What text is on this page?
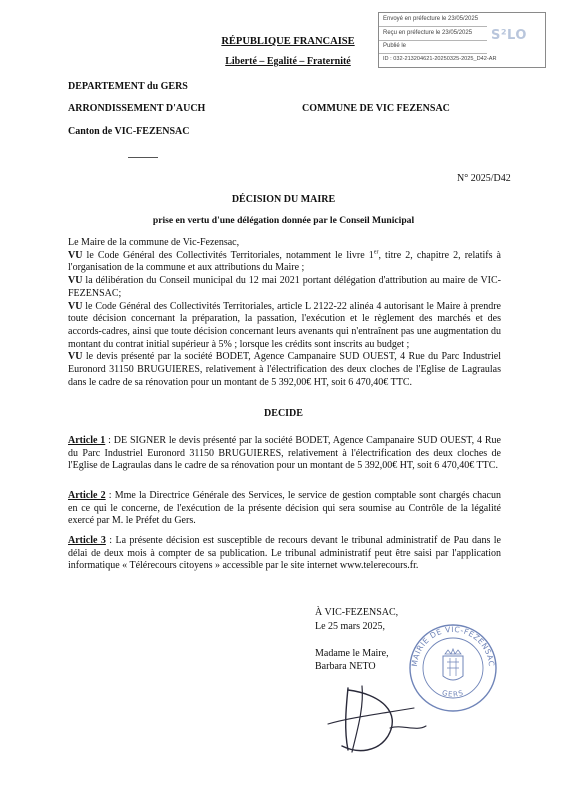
Envoyé en préfecture le 23/05/2025
Reçu en préfecture le 23/05/2025
Publié le
ID : 032-213204621-20250325-2025_D42-AR
S²LO
RÉPUBLIQUE FRANCAISE
Liberté – Egalité – Fraternité
DEPARTEMENT du GERS
ARRONDISSEMENT D'AUCH	COMMUNE DE VIC FEZENSAC
Canton de VIC-FEZENSAC
N° 2025/D42
DÉCISION DU MAIRE
prise en vertu d'une délégation donnée par le Conseil Municipal

Le Maire de la commune de Vic-Fezensac,

VU le Code Général des Collectivités Territoriales, notamment le livre 1er, titre 2, chapitre 2, relatifs à l'organisation de la commune et aux attributions du Maire ;

VU la délibération du Conseil municipal du 12 mai 2021 portant délégation d'attribution au maire de VIC-FEZENSAC;

VU le Code Général des Collectivités Territoriales, article L 2122-22 alinéa 4 autorisant le Maire à prendre toute décision concernant la préparation, la passation, l'exécution et le règlement des marchés et des accords-cadres, ainsi que toute décision concernant leurs avenants qui n'entraînent pas une augmentation du montant du contrat initial supérieur à 5% ; lorsque les crédits sont inscrits au budget ;

VU le devis présenté par la société BODET, Agence Campanaire SUD OUEST, 4 Rue du Parc Industriel Euronord 31150 BRUGUIERES, relativement à l'électrification des deux cloches de l'Eglise de Lagraulas dans le cadre de sa rénovation pour un montant de 5 392,00€ HT, soit 6 470,40€ TTC.

DECIDE

Article 1 : DE SIGNER le devis présenté par la société BODET, Agence Campanaire SUD OUEST, 4 Rue du Parc Industriel Euronord 31150 BRUGUIERES, relativement à l'électrification des deux cloches de l'Eglise de Lagraulas dans le cadre de sa rénovation pour un montant de 5 392,00€ HT, soit 6 470,40€ TTC.

Article 2 : Mme la Directrice Générale des Services, le service de gestion comptable sont chargés chacun en ce qui le concerne, de l'exécution de la présente décision qui sera soumise au Contrôle de la légalité exercé par M. le Préfet du Gers.

Article 3 : La présente décision est susceptible de recours devant le tribunal administratif de Pau dans le délai de deux mois à compter de sa publication. Le tribunal administratif peut être saisi par l'application informatique « Télérecours citoyens » accessible par le site internet www.telerecours.fr.

À VIC-FEZENSAC,
Le 25 mars 2025,
Madame le Maire,
Barbara NETO	MAIRIE DE VIC-FEZENSAC
GERS
